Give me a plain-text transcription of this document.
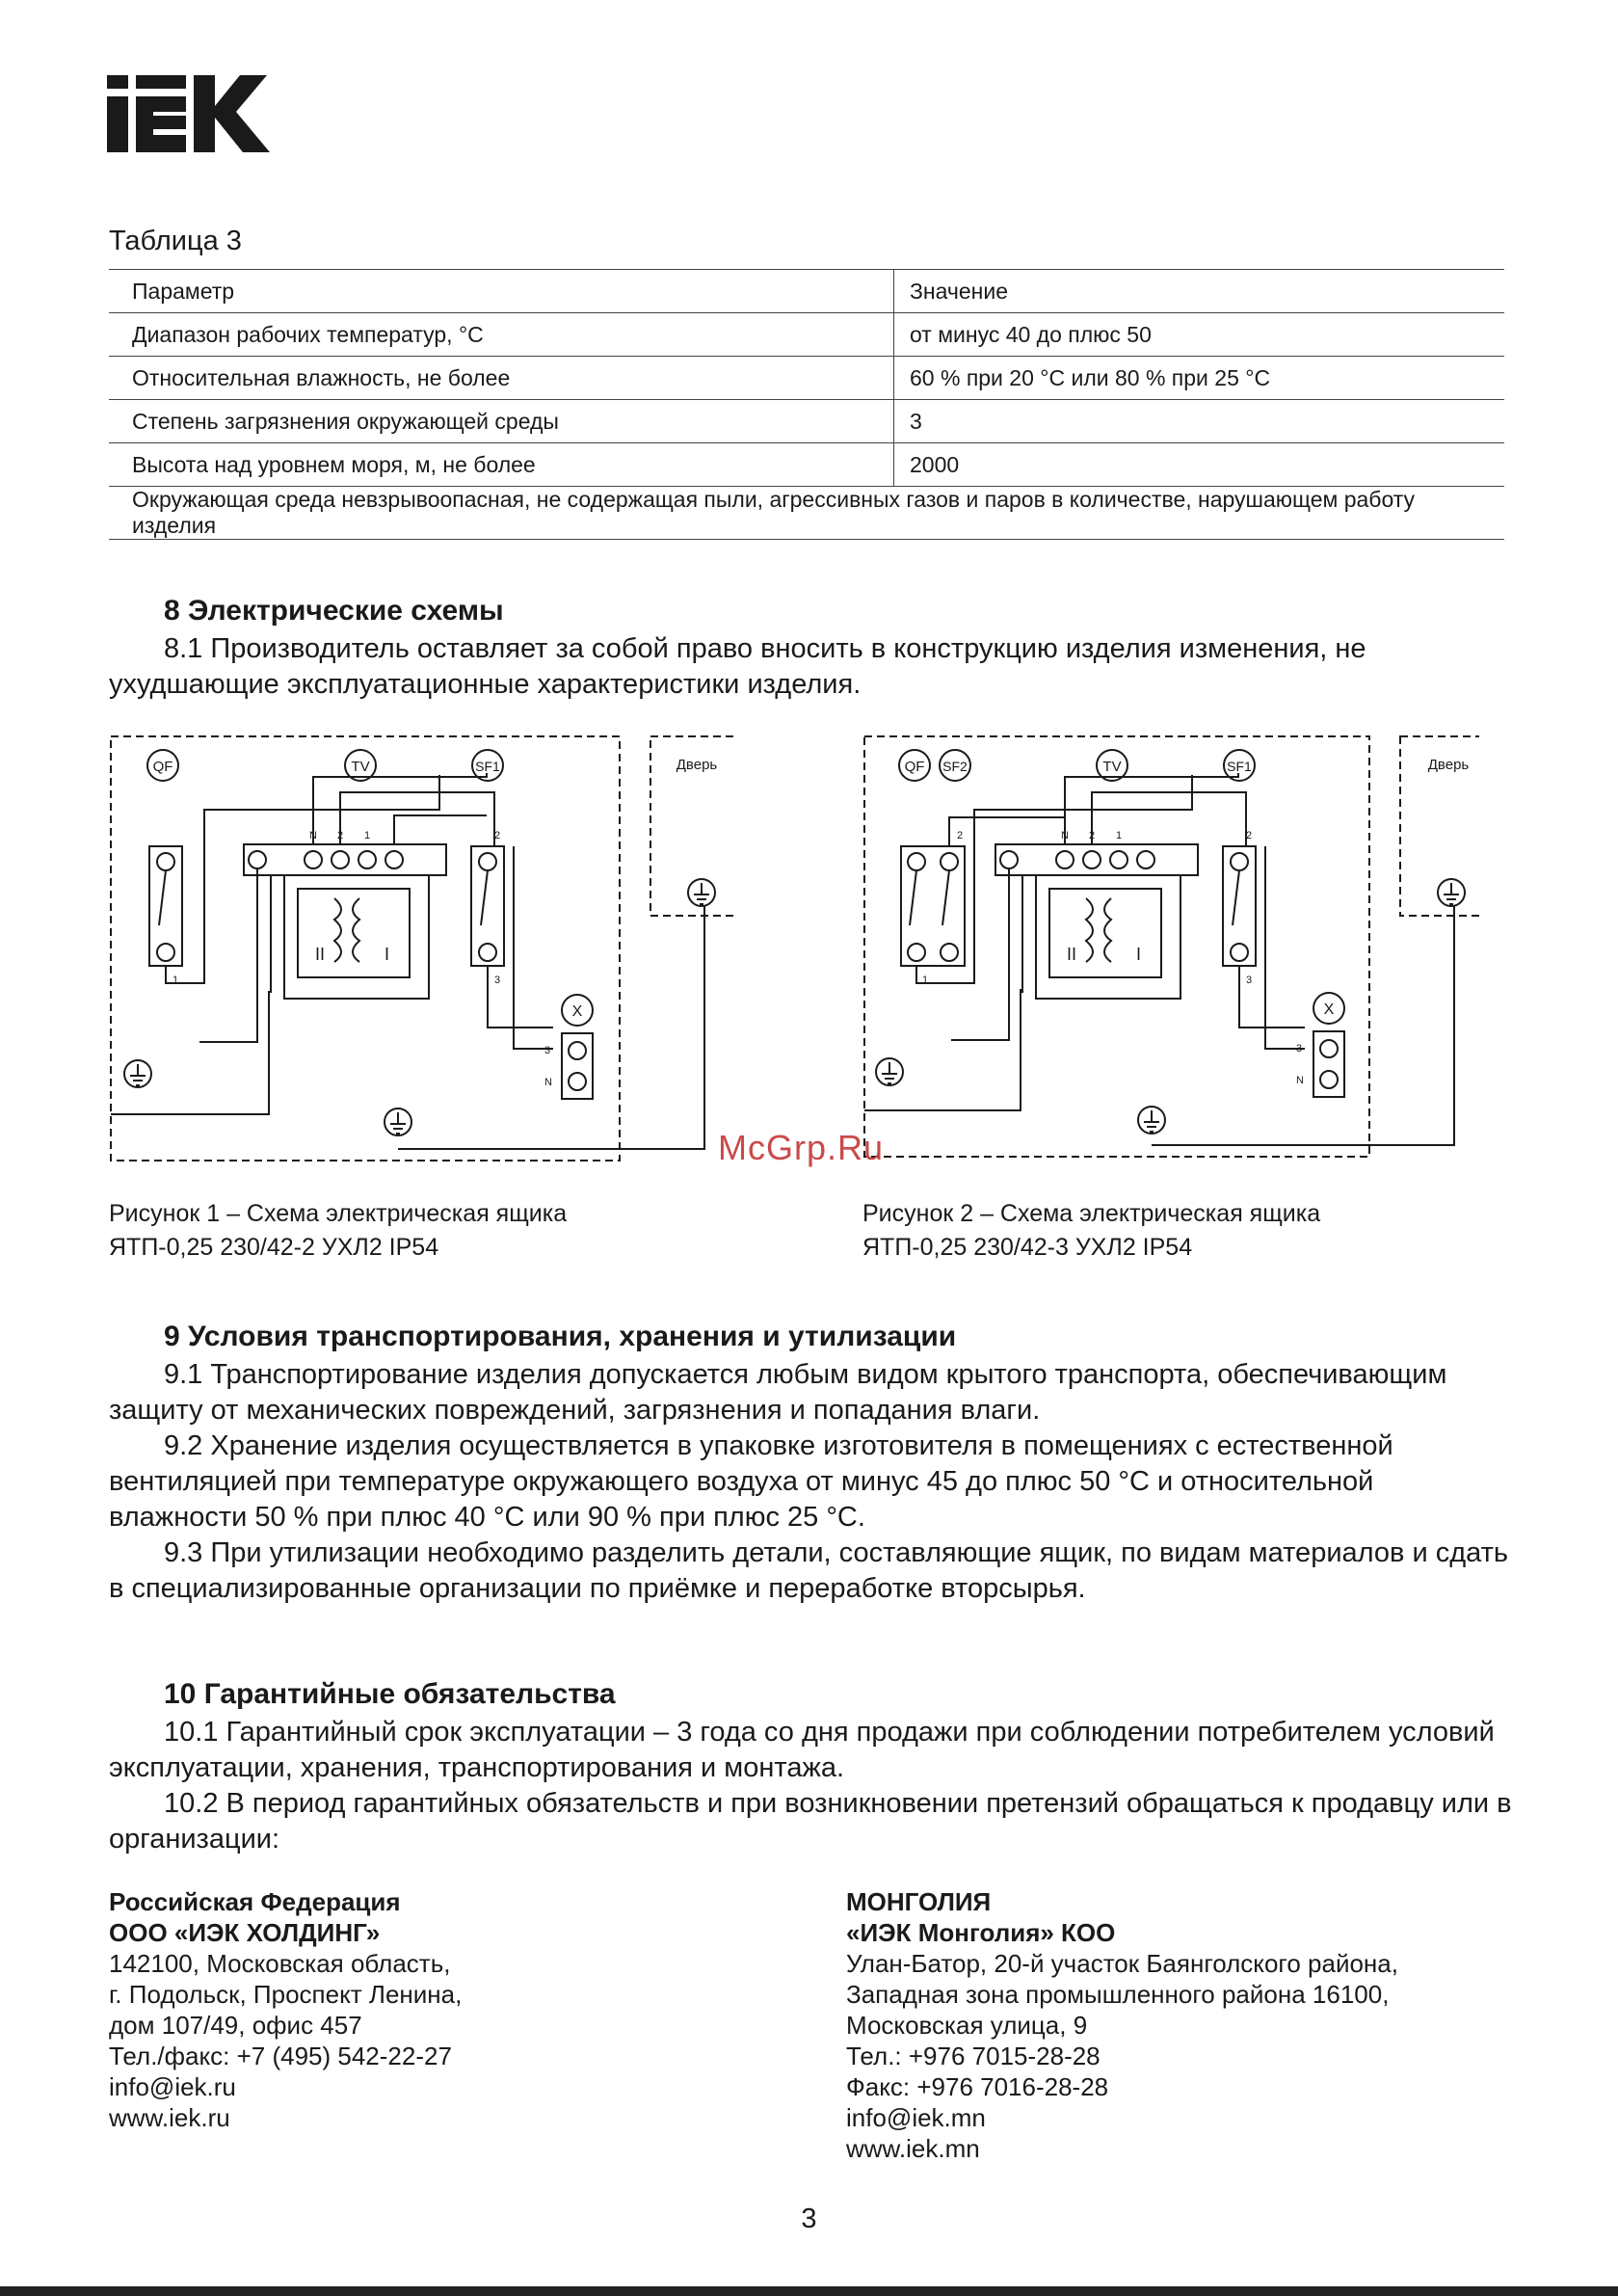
Таблица 3
Параметр	Значение
Диапазон рабочих температур, °С	от минус 40 до плюс 50
Относительная влажность, не более	60 % при 20 °С или 80 % при 25 °С
Степень загрязнения окружающей среды	3
Высота над уровнем моря, м, не более	2000
Окружающая среда невзрывоопасная, не содержащая пыли, агрессивных газов и паров в количестве, нарушающем работу изделия	
8 Электрические схемы
8.1 Производитель оставляет за собой право вносить в конструкцию изделия изменения, не ухудшающие эксплуатационные характеристики изделия.
QF	TV	SF1	Дверь
1
2
3
N 2 1
II	I
X
3
N
QF SF2	TV	SF1	Дверь
1
2	2
3
N 2 1
II	I
X
3
N
McGrp.Ru
Рисунок 1 – Схема электрическая ящика
ЯТП-0,25 230/42-2 УХЛ2 IP54
Рисунок 2 – Схема электрическая ящика
ЯТП-0,25 230/42-3 УХЛ2 IP54
9 Условия транспортирования, хранения и утилизации
9.1 Транспортирование изделия допускается любым видом крытого транспорта, обеспечивающим защиту от механических повреждений, загрязнения и попадания влаги.
9.2 Хранение изделия осуществляется в упаковке изготовителя в помещениях с естественной вентиляцией при температуре окружающего воздуха от минус 45 до плюс 50 °С и относительной влажности 50 % при плюс 40 °С или 90 % при плюс 25 °С.
9.3 При утилизации необходимо разделить детали, составляющие ящик, по видам материалов и сдать в специализированные организации по приёмке и переработке вторсырья.
10 Гарантийные обязательства
10.1 Гарантийный срок эксплуатации – 3 года со дня продажи при соблюдении потребителем условий эксплуатации, хранения, транспортирования и монтажа.
10.2 В период гарантийных обязательств и при возникновении претензий обращаться к продавцу или в организации:
Российская Федерация
ООО «ИЭК ХОЛДИНГ»
142100, Московская область,
г. Подольск, Проспект Ленина,
дом 107/49, офис 457
Тел./факс: +7 (495) 542-22-27
info@iek.ru
www.iek.ru
МОНГОЛИЯ
«ИЭК Монголия» КОО
Улан-Батор, 20-й участок Баянголского района,
Западная зона промышленного района 16100,
Московская улица, 9
Тел.: +976 7015-28-28
Факс: +976 7016-28-28
info@iek.mn
www.iek.mn
3
